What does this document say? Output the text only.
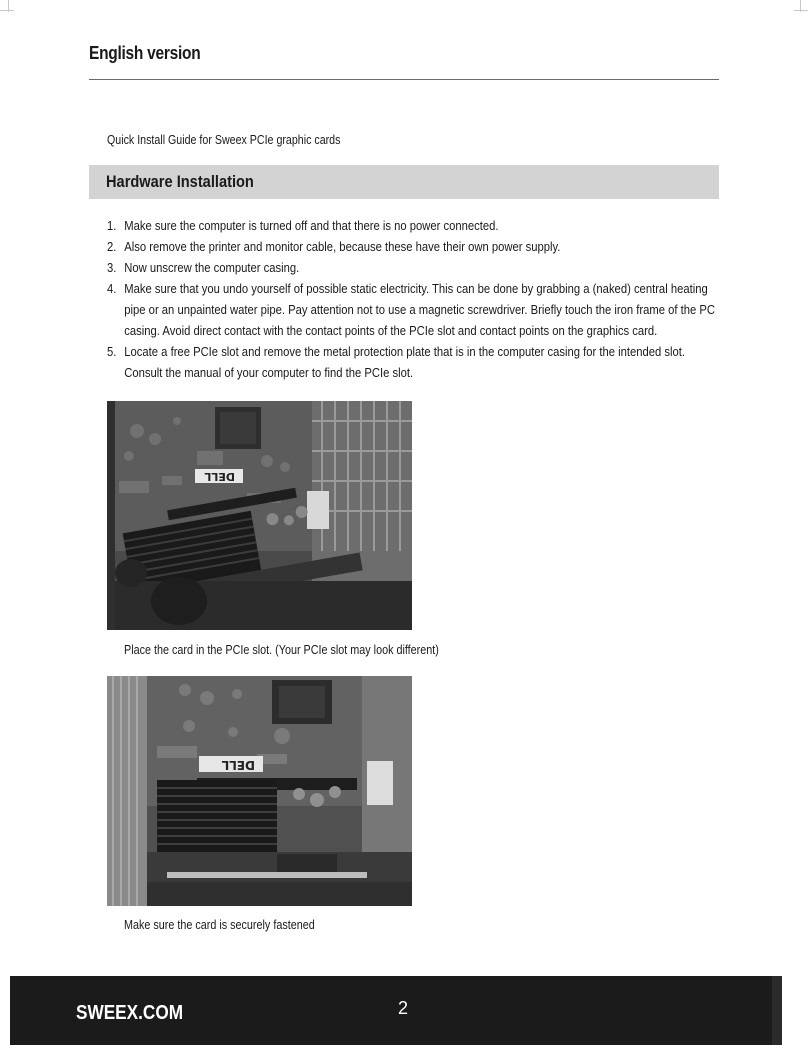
English version
Quick Install Guide for Sweex PCIe graphic cards
Hardware Installation
1. Make sure the computer is turned off and that there is no power connected.
2. Also remove the printer and monitor cable, because these have their own power supply.
3. Now unscrew the computer casing.
4. Make sure that you undo yourself of possible static electricity. This can be done by grabbing a (naked) central heating pipe or an unpainted water pipe. Pay attention not to use a magnetic screwdriver. Briefly touch the iron frame of the PC casing. Avoid direct contact with the contact points of the PCIe slot and contact points on the graphics card.
5. Locate a free PCIe slot and remove the metal protection plate that is in the computer casing for the intended slot. Consult the manual of your computer to find the PCIe slot.
DELL
Place the card in the PCIe slot. (Your PCIe slot may look different)
DELL
Make sure the card is securely fastened
SWEEX.COM	2
